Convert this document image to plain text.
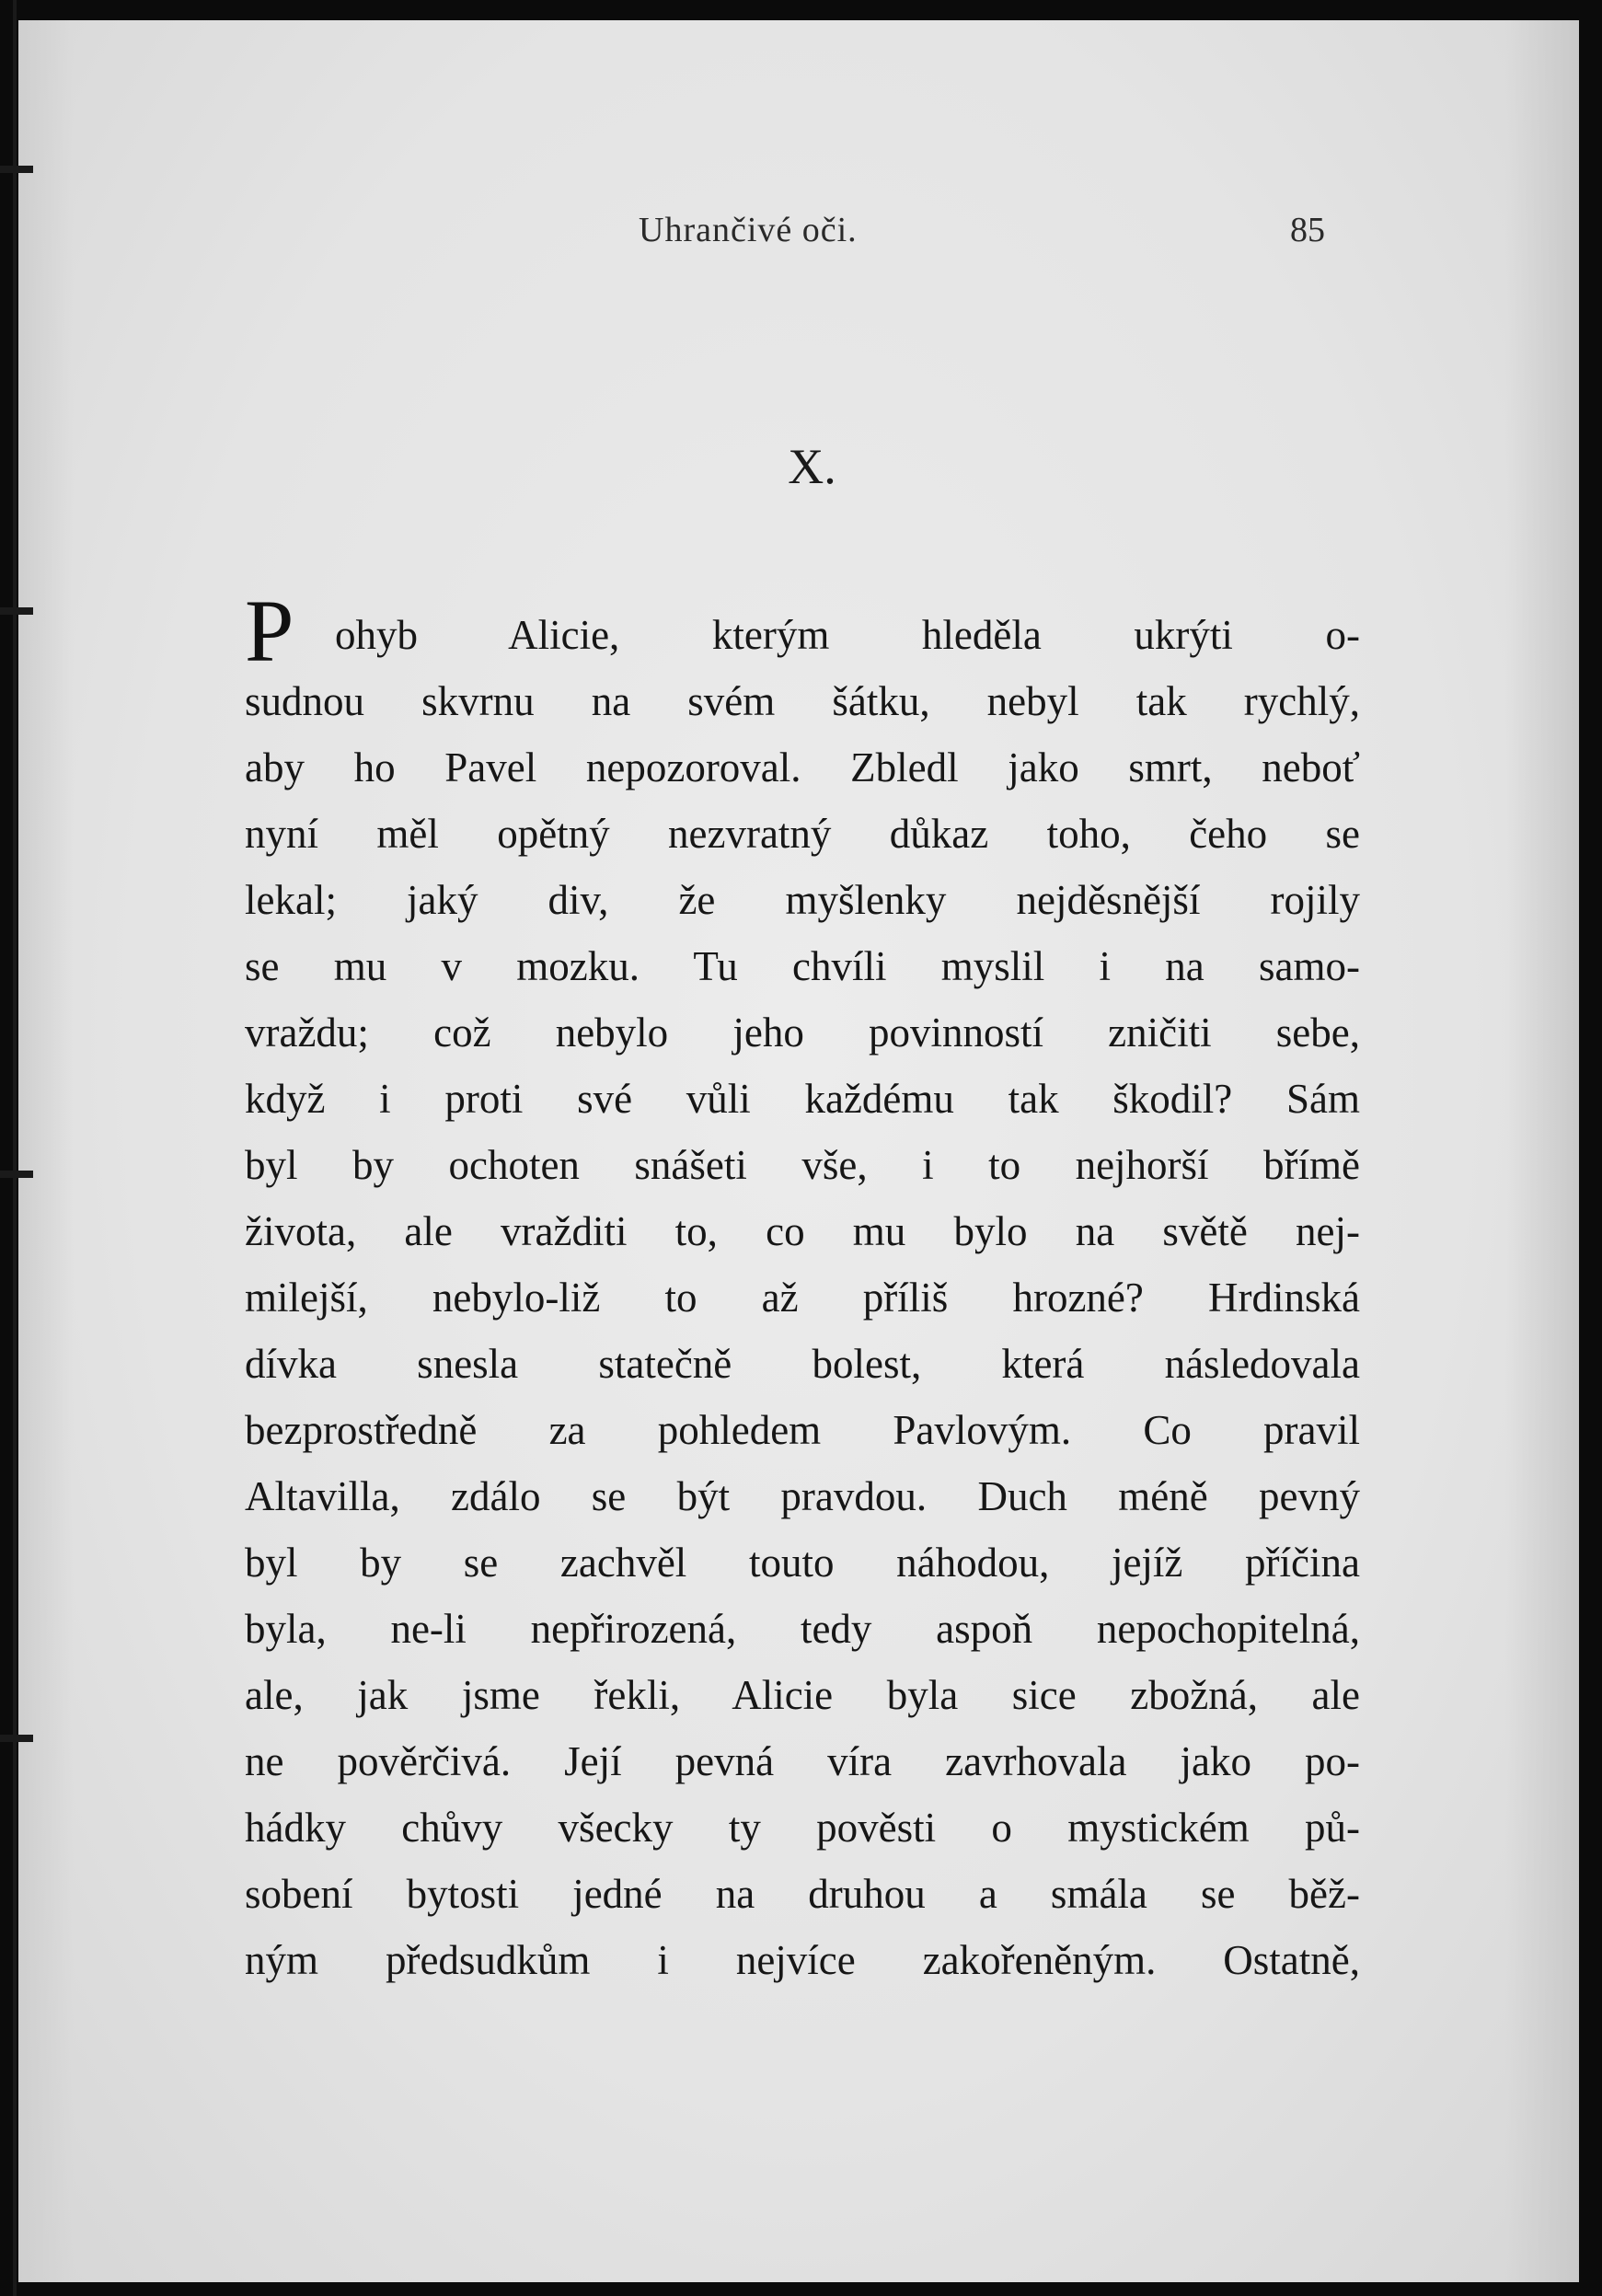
Uhrančivé oči.	85
X.
P ohyb Alicie, kterým hleděla ukrýti o-
sudnou skvrnu na svém šátku, nebyl tak rychlý,
aby ho Pavel nepozoroval. Zbledl jako smrt, neboť
nyní měl opětný nezvratný důkaz toho, čeho se
lekal; jaký div, že myšlenky nejděsnější rojily
se mu v mozku. Tu chvíli myslil i na samo-
vraždu; což nebylo jeho povinností zničiti sebe,
když i proti své vůli každému tak škodil? Sám
byl by ochoten snášeti vše, i to nejhorší břímě
života, ale vražditi to, co mu bylo na světě nej-
milejší, nebylo-liž to až příliš hrozné? Hrdinská
dívka snesla statečně bolest, která následovala
bezprostředně za pohledem Pavlovým. Co pravil
Altavilla, zdálo se být pravdou. Duch méně pevný
byl by se zachvěl touto náhodou, jejíž příčina
byla, ne-li nepřirozená, tedy aspoň nepochopitelná,
ale, jak jsme řekli, Alicie byla sice zbožná, ale
ne pověrčivá. Její pevná víra zavrhovala jako po-
hádky chůvy všecky ty pověsti o mystickém pů-
sobení bytosti jedné na druhou a smála se běž-
ným předsudkům i nejvíce zakořeněným. Ostatně,
